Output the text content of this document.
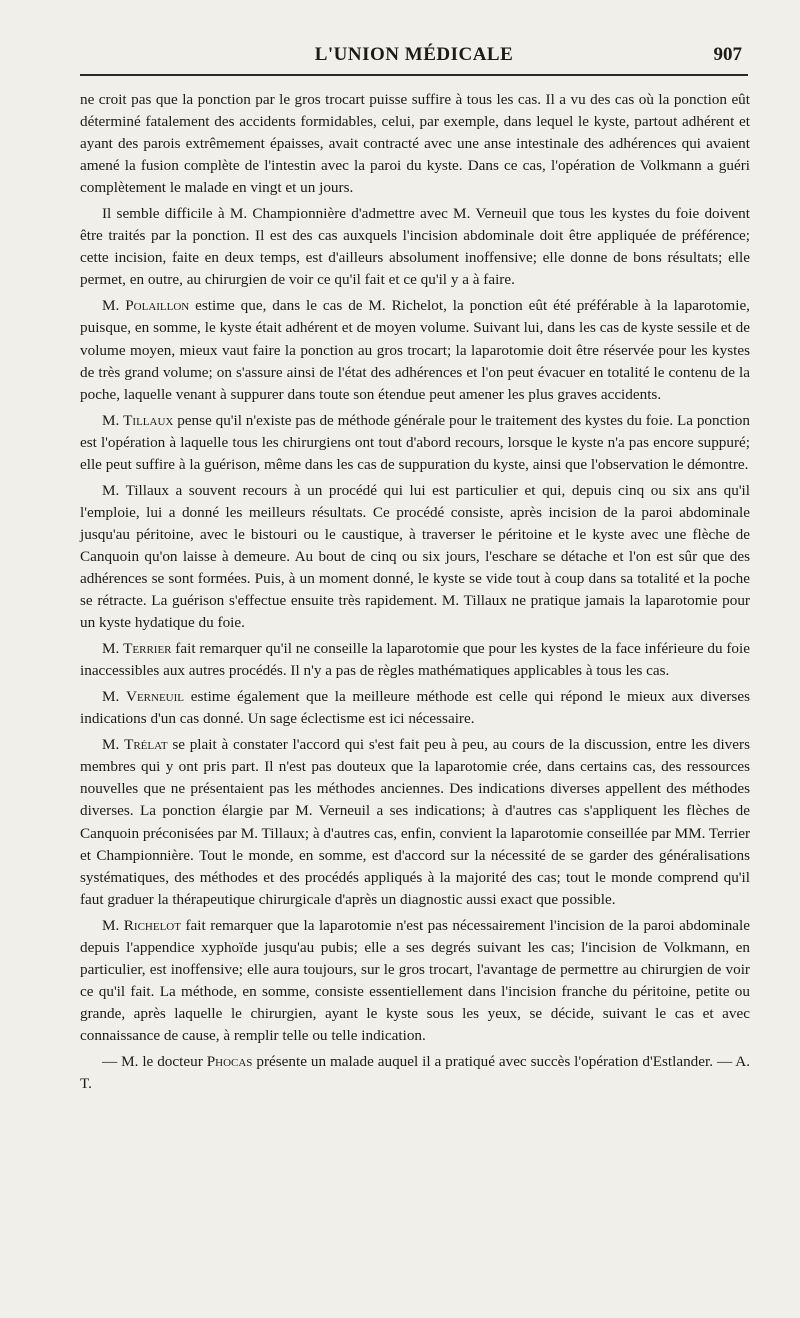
L'UNION MÉDICALE	907

ne croit pas que la ponction par le gros trocart puisse suffire à tous les cas. Il a vu des cas où la ponction eût déterminé fatalement des accidents formidables, celui, par exemple, dans lequel le kyste, partout adhérent et ayant des parois extrêmement épaisses, avait contracté avec une anse intestinale des adhérences qui avaient amené la fusion complète de l'intestin avec la paroi du kyste. Dans ce cas, l'opération de Volkmann a guéri complètement le malade en vingt et un jours.

Il semble difficile à M. Championnière d'admettre avec M. Verneuil que tous les kystes du foie doivent être traités par la ponction. Il est des cas auxquels l'incision abdominale doit être appliquée de préférence; cette incision, faite en deux temps, est d'ailleurs absolument inoffensive; elle donne de bons résultats; elle permet, en outre, au chirurgien de voir ce qu'il fait et ce qu'il y a à faire.

M. Polaillon estime que, dans le cas de M. Richelot, la ponction eût été préférable à la laparotomie, puisque, en somme, le kyste était adhérent et de moyen volume. Suivant lui, dans les cas de kyste sessile et de volume moyen, mieux vaut faire la ponction au gros trocart; la laparotomie doit être réservée pour les kystes de très grand volume; on s'assure ainsi de l'état des adhérences et l'on peut évacuer en totalité le contenu de la poche, laquelle venant à suppurer dans toute son étendue peut amener les plus graves accidents.

M. Tillaux pense qu'il n'existe pas de méthode générale pour le traitement des kystes du foie. La ponction est l'opération à laquelle tous les chirurgiens ont tout d'abord recours, lorsque le kyste n'a pas encore suppuré; elle peut suffire à la guérison, même dans les cas de suppuration du kyste, ainsi que l'observation le démontre.

M. Tillaux a souvent recours à un procédé qui lui est particulier et qui, depuis cinq ou six ans qu'il l'emploie, lui a donné les meilleurs résultats. Ce procédé consiste, après incision de la paroi abdominale jusqu'au péritoine, avec le bistouri ou le caustique, à traverser le péritoine et le kyste avec une flèche de Canquoin qu'on laisse à demeure. Au bout de cinq ou six jours, l'eschare se détache et l'on est sûr que des adhérences se sont formées. Puis, à un moment donné, le kyste se vide tout à coup dans sa totalité et la poche se rétracte. La guérison s'effectue ensuite très rapidement. M. Tillaux ne pratique jamais la laparotomie pour un kyste hydatique du foie.

M. Terrier fait remarquer qu'il ne conseille la laparotomie que pour les kystes de la face inférieure du foie inaccessibles aux autres procédés. Il n'y a pas de règles mathématiques applicables à tous les cas.

M. Verneuil estime également que la meilleure méthode est celle qui répond le mieux aux diverses indications d'un cas donné. Un sage éclectisme est ici nécessaire.

M. Trélat se plait à constater l'accord qui s'est fait peu à peu, au cours de la discussion, entre les divers membres qui y ont pris part. Il n'est pas douteux que la laparotomie crée, dans certains cas, des ressources nouvelles que ne présentaient pas les méthodes anciennes. Des indications diverses appellent des méthodes diverses. La ponction élargie par M. Verneuil a ses indications; à d'autres cas s'appliquent les flèches de Canquoin préconisées par M. Tillaux; à d'autres cas, enfin, convient la laparotomie conseillée par MM. Terrier et Championnière. Tout le monde, en somme, est d'accord sur la nécessité de se garder des généralisations systématiques, des méthodes et des procédés appliqués à la majorité des cas; tout le monde comprend qu'il faut graduer la thérapeutique chirurgicale d'après un diagnostic aussi exact que possible.

M. Richelot fait remarquer que la laparotomie n'est pas nécessairement l'incision de la paroi abdominale depuis l'appendice xyphoïde jusqu'au pubis; elle a ses degrés suivant les cas; l'incision de Volkmann, en particulier, est inoffensive; elle aura toujours, sur le gros trocart, l'avantage de permettre au chirurgien de voir ce qu'il fait. La méthode, en somme, consiste essentiellement dans l'incision franche du péritoine, petite ou grande, après laquelle le chirurgien, ayant le kyste sous les yeux, se décide, suivant le cas et avec connaissance de cause, à remplir telle ou telle indication.

— M. le docteur Phocas présente un malade auquel il a pratiqué avec succès l'opération d'Estlander. — A. T.
